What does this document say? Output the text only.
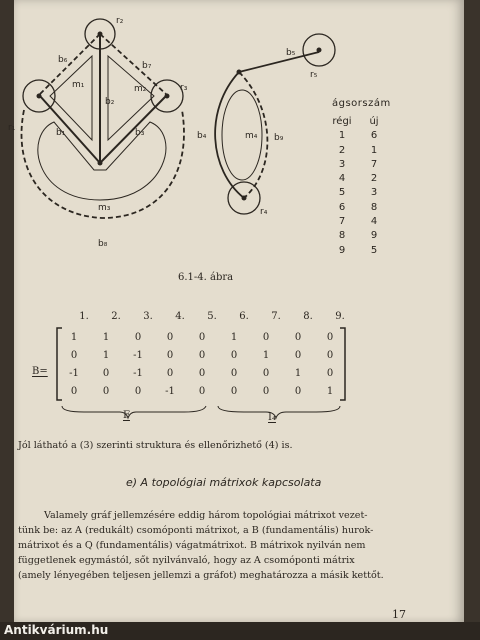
r₂
r₁
r₃
b₆
b₇
m₁
b₂
m₂
b₁	b₃
m₃
b₈
b₅
r₅
b₄	m₄ b₉
r₄
ágsorszám
régi	új
1	6
2	1
3	7
4	2
5	3
6	8
7	4
8	9
9	5
6.1-4. ábra
1.	2.	3.	4.	5.	6.	7.	8.	9.
B=
1	1	0	0	0	1	0	0	0
0	1	-1	0	0	0	1	0	0
-1	0	-1	0	0	0	0	1	0
0	0	0	-1	0	0	0	0	1
F	I₄
Jól látható a (3) szerinti struktura és ellenőrizhető (4) is.
e) A topológiai mátrixok kapcsolata
Valamely gráf jellemzésére eddig három topológiai mátrixot vezet-
tünk be: az A (redukált) csomóponti mátrixot, a B (fundamentális) hurok-
mátrixot és a Q (fundamentális) vágatmátrixot. B mátrixok nyilván nem
függetlenek egymástól, sőt nyilvánvaló, hogy az A csomóponti mátrix
(amely lényegében teljesen jellemzi a gráfot) meghatározza a másik kettőt.
17
Antikvárium.hu
